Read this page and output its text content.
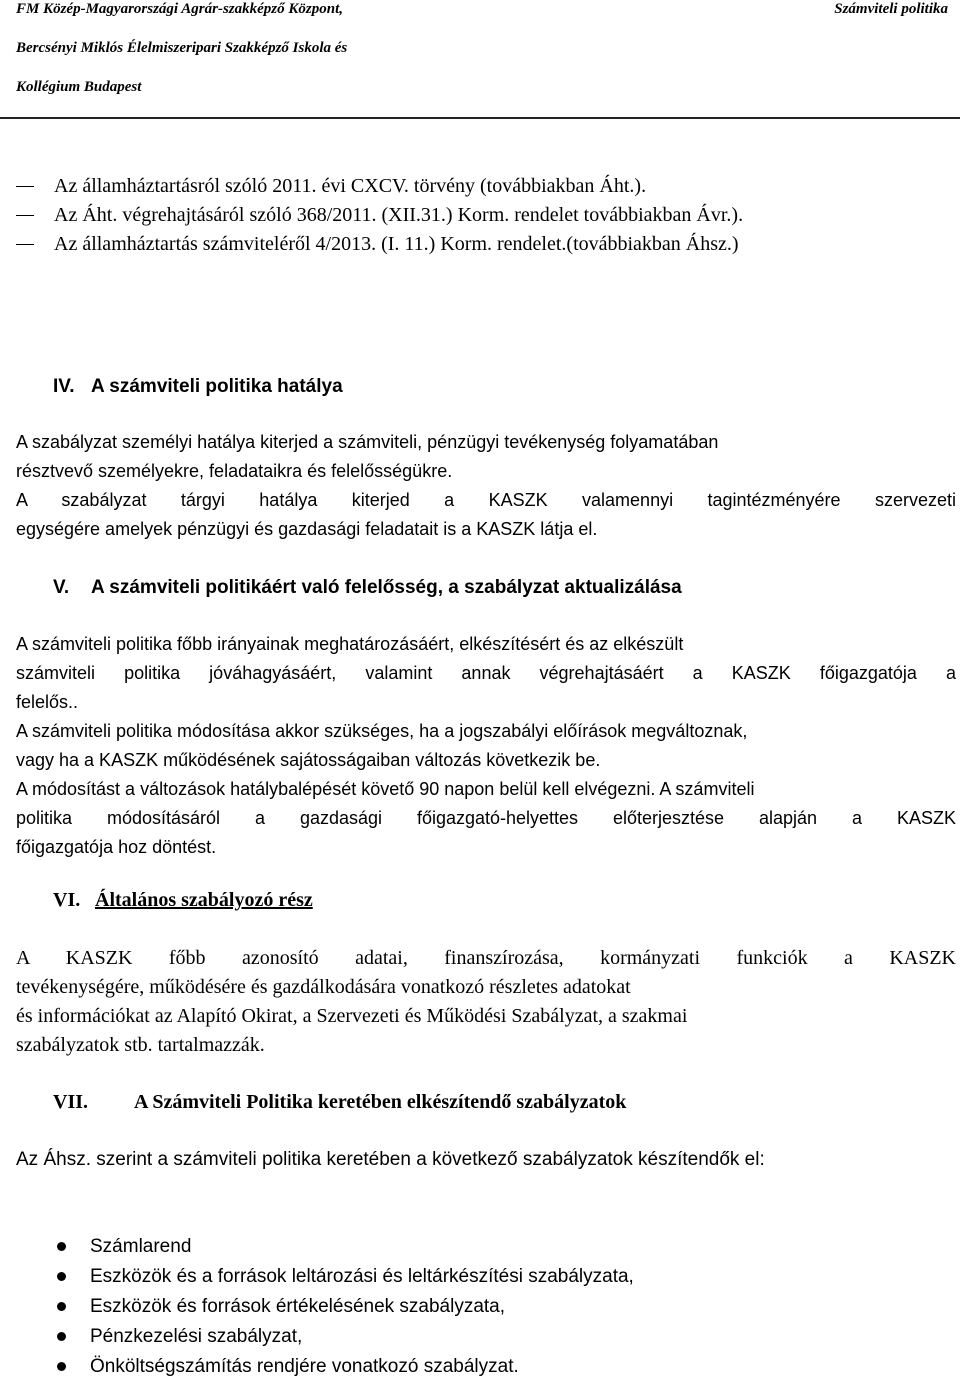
FM Közép-Magyarországi Agrár-szakképző Központ,
Bercsényi Miklós Élelmiszeripari Szakképző Iskola és
Kollégium Budapest
Számviteli politika
Az államháztartásról szóló 2011. évi CXCV. törvény (továbbiakban Áht.).
Az Áht. végrehajtásáról szóló 368/2011. (XII.31.) Korm. rendelet továbbiakban Ávr.).
Az államháztartás számviteléről 4/2013. (I. 11.) Korm. rendelet.(továbbiakban Áhsz.)
IV. A számviteli politika hatálya
A szabályzat személyi hatálya kiterjed a számviteli, pénzügyi tevékenység folyamatában
résztvevő személyekre, feladataikra és felelősségükre.
A szabályzat tárgyi hatálya kiterjed a KASZK valamennyi tagintézményére szervezeti
egységére amelyek pénzügyi és gazdasági feladatait is a KASZK látja el.
V. A számviteli politikáért való felelősség, a szabályzat aktualizálása
A számviteli politika főbb irányainak meghatározásáért, elkészítésért és az elkészült
számviteli politika jóváhagyásáért, valamint annak végrehajtásáért a KASZK főigazgatója a
felelős..
A számviteli politika módosítása akkor szükséges, ha a jogszabályi előírások megváltoznak,
vagy ha a KASZK működésének sajátosságaiban változás következik be.
A módosítást a változások hatálybalépését követő 90 napon belül kell elvégezni. A számviteli
politika módosításáról a gazdasági főigazgató-helyettes előterjesztése alapján a KASZK
főigazgatója hoz döntést.
VI. Általános szabályozó rész
A KASZK főbb azonosító adatai, finanszírozása, kormányzati funkciók a KASZK
tevékenységére, működésére és gazdálkodására vonatkozó részletes adatokat
és információkat az Alapító Okirat, a Szervezeti és Működési Szabályzat, a szakmai
szabályzatok stb. tartalmazzák.
VII. A Számviteli Politika keretében elkészítendő szabályzatok
Az Áhsz. szerint a számviteli politika keretében a következő szabályzatok készítendők el:
Számlarend
Eszközök és a források leltározási és leltárkészítési szabályzata,
Eszközök és források értékelésének szabályzata,
Pénzkezelési szabályzat,
Önköltségszámítás rendjére vonatkozó szabályzat.
